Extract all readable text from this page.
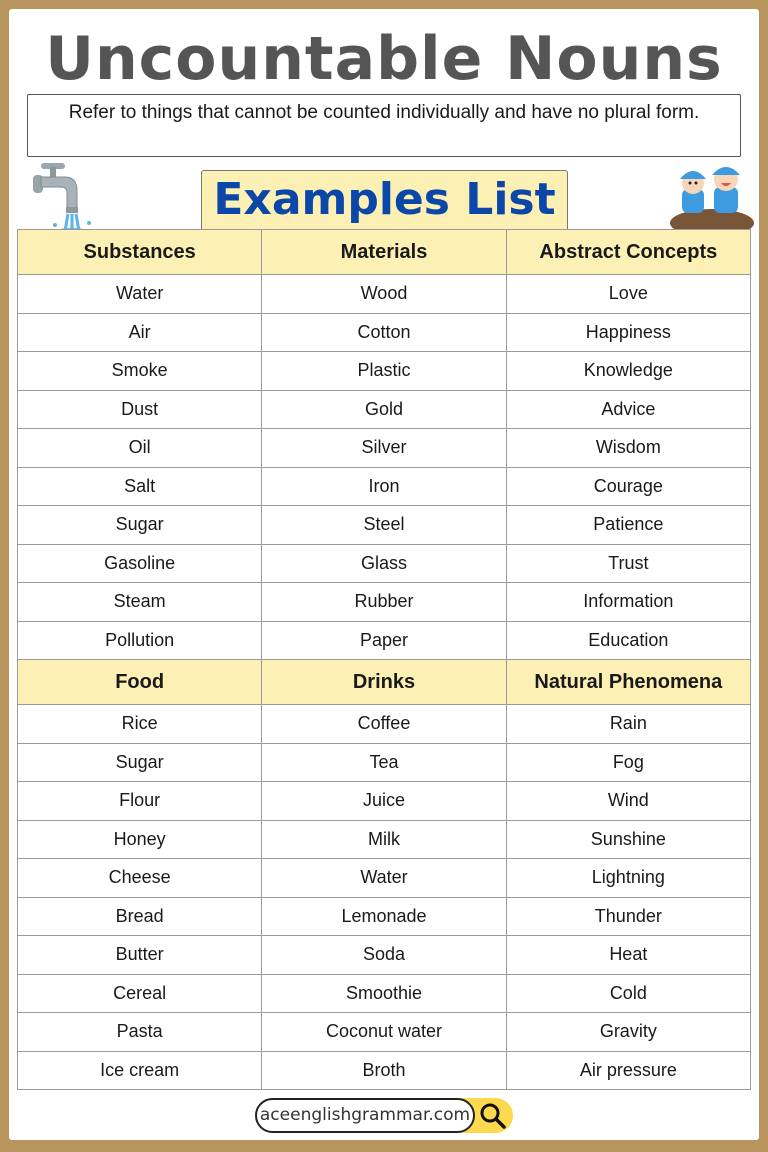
Uncountable Nouns
Refer to things that cannot be counted individually and have no plural form.
Examples List
Substances	Materials	Abstract Concepts
Water	Wood	Love
Air	Cotton	Happiness
Smoke	Plastic	Knowledge
Dust	Gold	Advice
Oil	Silver	Wisdom
Salt	Iron	Courage
Sugar	Steel	Patience
Gasoline	Glass	Trust
Steam	Rubber	Information
Pollution	Paper	Education
Food	Drinks	Natural Phenomena
Rice	Coffee	Rain
Sugar	Tea	Fog
Flour	Juice	Wind
Honey	Milk	Sunshine
Cheese	Water	Lightning
Bread	Lemonade	Thunder
Butter	Soda	Heat
Cereal	Smoothie	Cold
Pasta	Coconut water	Gravity
Ice cream	Broth	Air pressure
aceenglishgrammar.com
